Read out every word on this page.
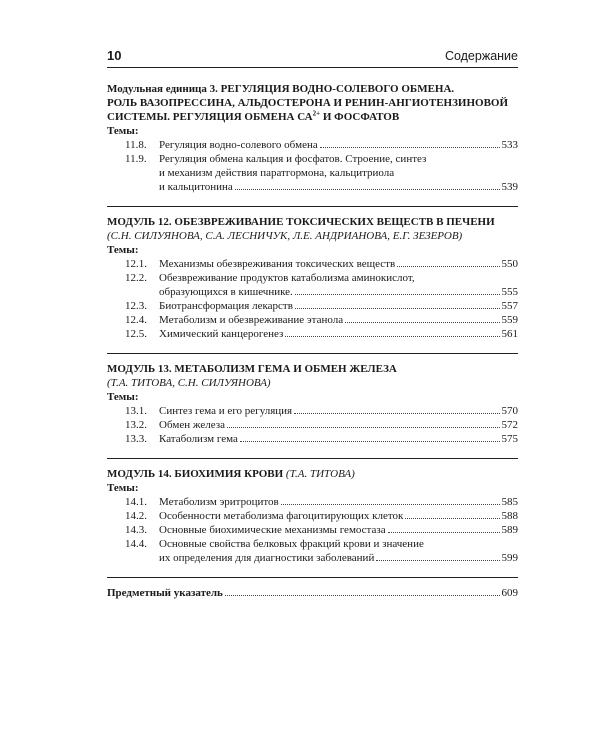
10	Содержание
Модульная единица 3. РЕГУЛЯЦИЯ ВОДНО-СОЛЕВОГО ОБМЕНА.
РОЛЬ ВАЗОПРЕССИНА, АЛЬДОСТЕРОНА И РЕНИН-АНГИОТЕНЗИНОВОЙ
СИСТЕМЫ. РЕГУЛЯЦИЯ ОБМЕНА $СА^{2+}$ И ФОСФАТОВ
Темы:
11.8.	Регуляция водно-солевого обмена	533
11.9.	Регуляция обмена кальция и фосфатов. Строение, синтез
и механизм действия паратгормона, кальцитриола
и кальцитонина	539
МОДУЛЬ 12. ОБЕЗВРЕЖИВАНИЕ ТОКСИЧЕСКИХ ВЕЩЕСТВ В ПЕЧЕНИ
(С.Н. СИЛУЯНОВА, С.А. ЛЕСНИЧУК, Л.Е. АНДРИАНОВА, Е.Г. ЗЕЗЕРОВ)
Темы:
12.1.	Механизмы обезвреживания токсических веществ	550
12.2.	Обезвреживание продуктов катаболизма аминокислот,
образующихся в кишечнике.	555
12.3.	Биотрансформация лекарств	557
12.4.	Метаболизм и обезвреживание этанола	559
12.5.	Химический канцерогенез	561
МОДУЛЬ 13. МЕТАБОЛИЗМ ГЕМА И ОБМЕН ЖЕЛЕЗА
(Т.А. ТИТОВА, С.Н. СИЛУЯНОВА)
Темы:
13.1.	Синтез гема и его регуляция	570
13.2.	Обмен железа	572
13.3.	Катаболизм гема	575
МОДУЛЬ 14. БИОХИМИЯ КРОВИ (Т.А. ТИТОВА)
Темы:
14.1.	Метаболизм эритроцитов	585
14.2.	Особенности метаболизма фагоцитирующих клеток	588
14.3.	Основные биохимические механизмы гемостаза	589
14.4.	Основные свойства белковых фракций крови и значение
их определения для диагностики заболеваний	599
Предметный указатель	609
